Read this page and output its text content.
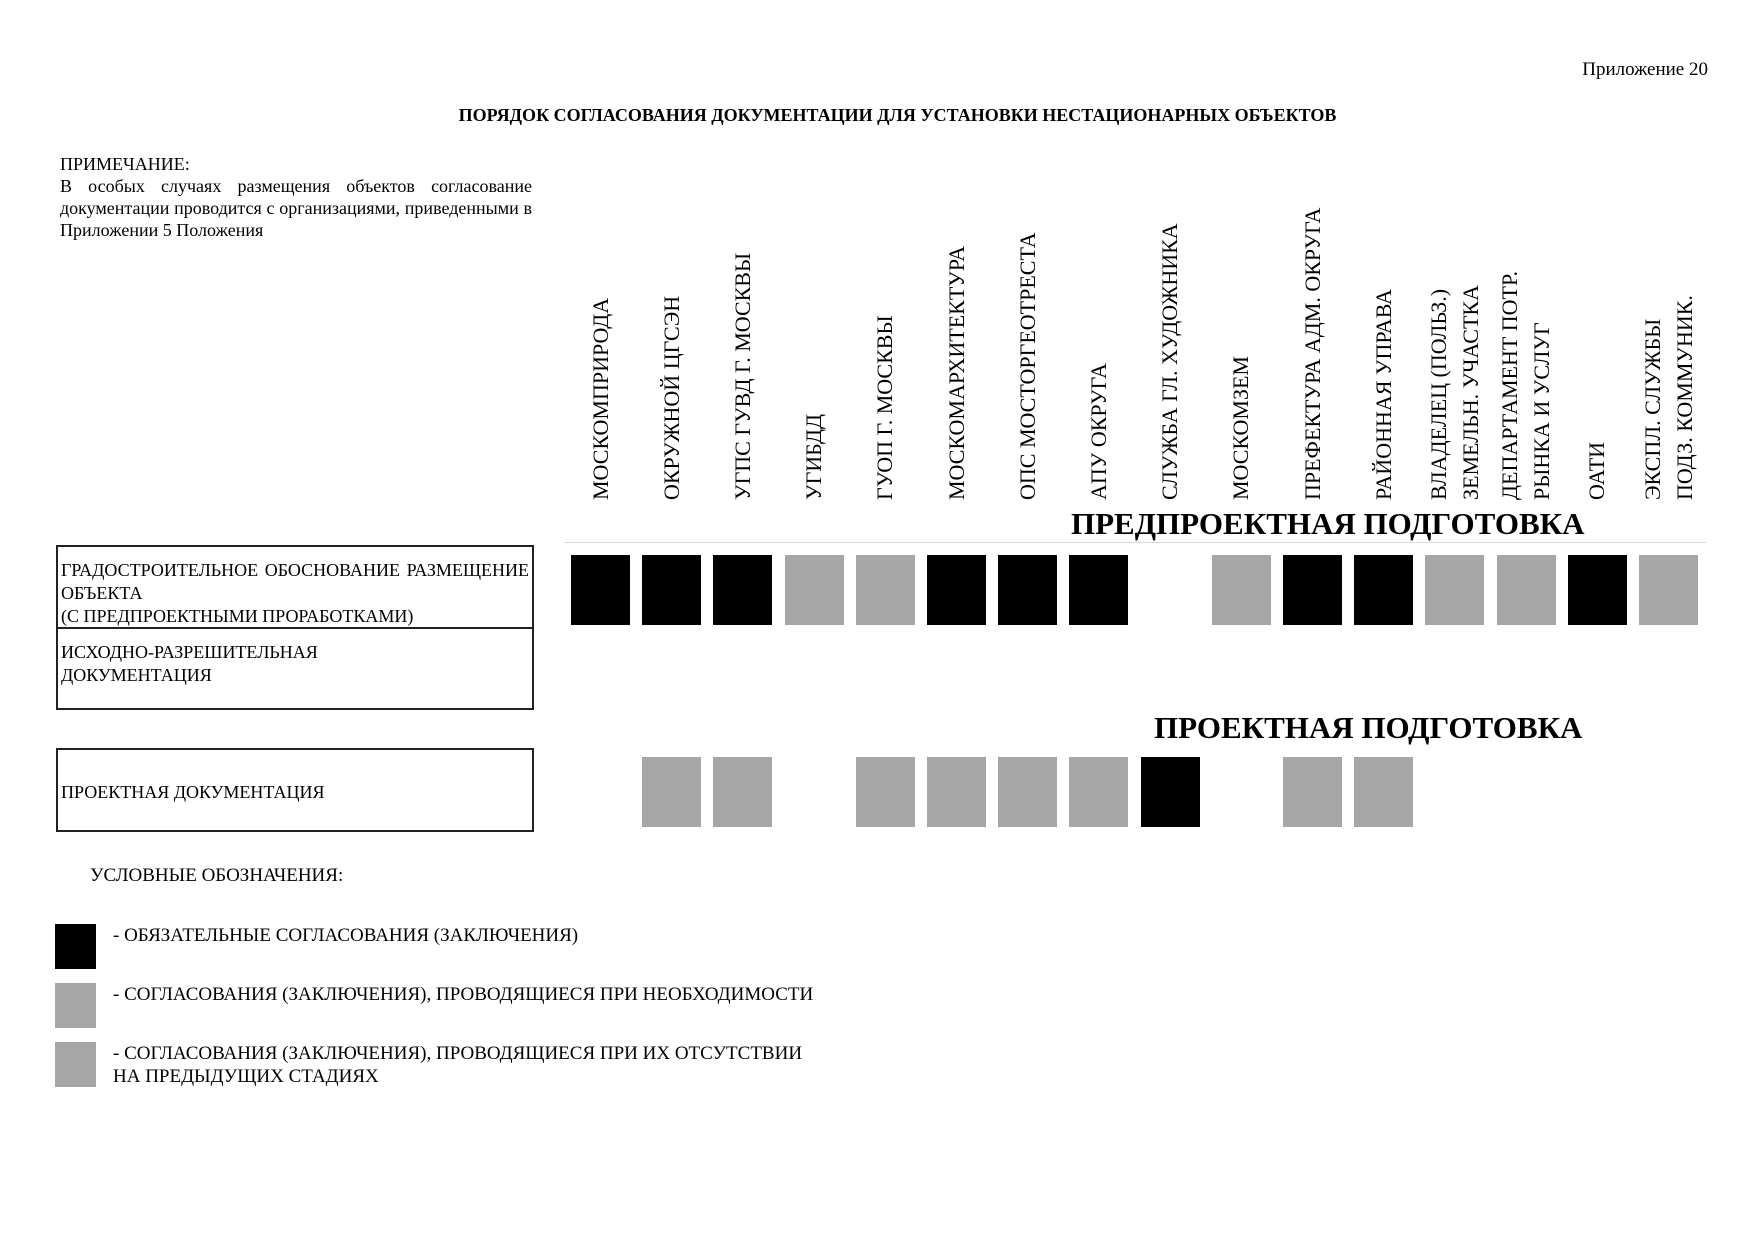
Приложение 20
ПОРЯДОК СОГЛАСОВАНИЯ ДОКУМЕНТАЦИИ ДЛЯ УСТАНОВКИ НЕСТАЦИОНАРНЫХ ОБЪЕКТОВ
ПРИМЕЧАНИЕ:
В особых случаях размещения объектов согласование документации проводится с организациями, приведенными в Приложении 5 Положения
МОСКОМПРИРОДА ОКРУЖНОЙ ЦГСЭН УГПС ГУВД Г. МОСКВЫ УГИБДД ГУОП Г. МОСКВЫ МОСКОМАРХИТЕКТУРА ОПС МОСТОРГЕОТРЕСТА АПУ ОКРУГА СЛУЖБА ГЛ. ХУДОЖНИКА МОСКОМЗЕМ ПРЕФЕКТУРА АДМ. ОКРУГА РАЙОННАЯ УПРАВА ВЛАДЕЛЕЦ (ПОЛЬЗ.) ЗЕМЕЛЬН. УЧАСТКА ДЕПАРТАМЕНТ ПОТР. РЫНКА И УСЛУГ ОАТИ ЭКСПЛ. СЛУЖБЫ ПОДЗ. КОММУНИК.
ПРЕДПРОЕКТНАЯ ПОДГОТОВКА
ГРАДОСТРОИТЕЛЬНОЕ ОБОСНОВАНИЕ РАЗМЕЩЕНИЕ ОБЪЕКТА
(С ПРЕДПРОЕКТНЫМИ ПРОРАБОТКАМИ)
ИСХОДНО-РАЗРЕШИТЕЛЬНАЯ ДОКУМЕНТАЦИЯ
ПРОЕКТНАЯ ПОДГОТОВКА
ПРОЕКТНАЯ ДОКУМЕНТАЦИЯ
УСЛОВНЫЕ ОБОЗНАЧЕНИЯ:
- ОБЯЗАТЕЛЬНЫЕ СОГЛАСОВАНИЯ (ЗАКЛЮЧЕНИЯ)
- СОГЛАСОВАНИЯ (ЗАКЛЮЧЕНИЯ), ПРОВОДЯЩИЕСЯ ПРИ НЕОБХОДИМОСТИ
- СОГЛАСОВАНИЯ (ЗАКЛЮЧЕНИЯ), ПРОВОДЯЩИЕСЯ ПРИ ИХ ОТСУТСТВИИ
НА ПРЕДЫДУЩИХ СТАДИЯХ
